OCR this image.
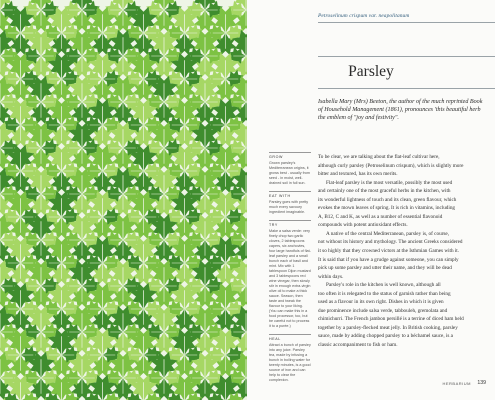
Petroselinum crispum var. neapolitanum
Parsley
Isabella Mary (Mrs) Beeton, the author of the much reprinted Book of Household Management (1861), pronounces 'this beautiful herb the emblem of "joy and festivity".
GROW

Grown parsley's Mediterranean origins, it grows best - usually from seed - in moist, well-drained soil in full sun.

EAT WITH

Parsley goes with pretty much every savoury ingredient imaginable.

TRY

Make a salsa verde: very finely chop two garlic cloves, 2 tablespoons capers, six anchovies, four large handfuls of flat-leaf parsley and a small bunch each of basil and mint. Mix with 1 tablespoon Dijon mustard and 3 tablespoons red wine vinegar, then slowly stir in enough extra-virgin olive oil to make a thick sauce. Season, then taste and tweak the flavour to your liking. (You can make this in a food processor, too, but be careful not to process it to a purée.)

HEAL

Attract a bunch of parsley into any juice. Parsley tea, made by infusing a bunch in boiling water for twenty minutes, is a good source of iron and can help to clear the complexion.

To be clear, we are talking about the flat-leaf cultivar here,

although curly parsley (Petroselinum crispum), which is slightly more

bitter and textured, has its own merits.

Flat-leaf parsley is the most versatile, possibly the most used

and certainly one of the most graceful herbs in the kitchen, with

its wonderful lightness of touch and its clean, green flavour, which

evokes the mown leaves of spring. It is rich in vitamins, including

A, B12, C and K, as well as a number of essential flavonoid

compounds with potent antioxidant effects.

A native of the central Mediterranean, parsley is, of course,

not without its history and mythology. The ancient Greeks considered

it so highly that they crowned victors at the Isthmian Games with it.

It is said that if you have a grudge against someone, you can simply

pick up some parsley and utter their name, and they will be dead

within days.

Parsley's role in the kitchen is well known, although all

too often it is relegated to the status of garnish rather than being

used as a flavour in its own right. Dishes in which it is given

due prominence include salsa verde, tabbouleh, gremolata and

chimichurri. The French jambon persillé is a terrine of diced ham held

together by a parsley-flecked meat jelly. In British cooking, parsley

sauce, made by adding chopped parsley to a béchamel sauce, is a

classic accompaniment to fish or ham.

HERBARIUM 139
